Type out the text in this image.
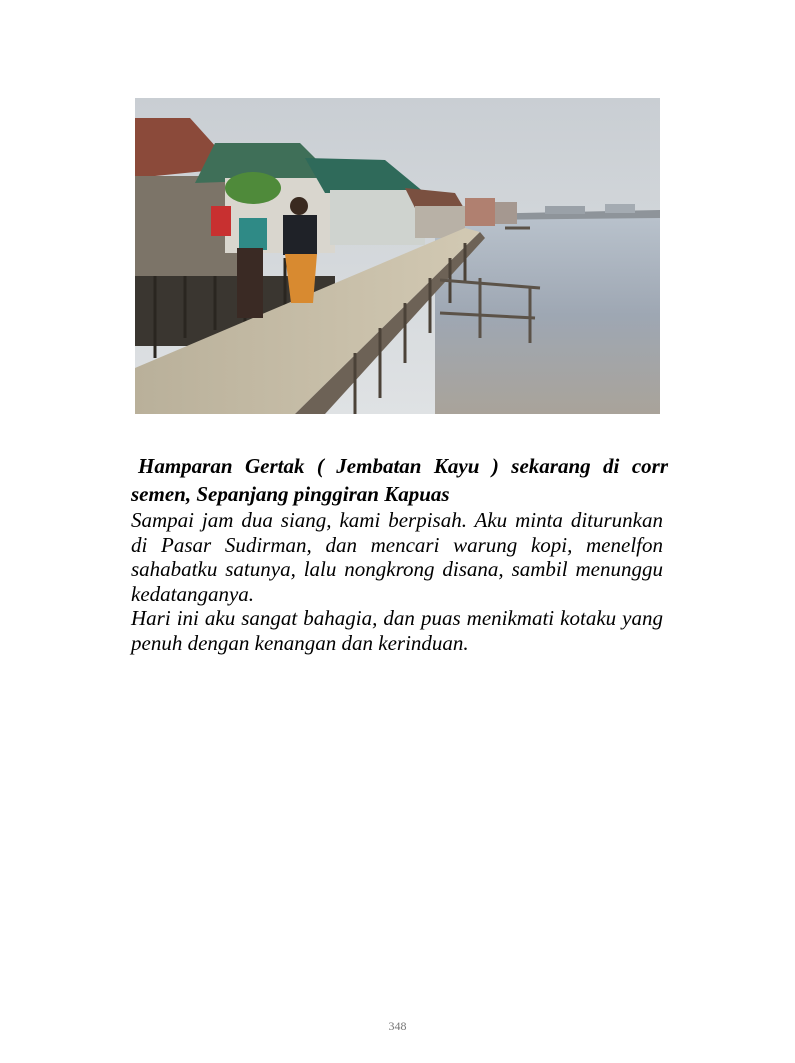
Hamparan Gertak ( Jembatan Kayu ) sekarang di corr
semen, Sepanjang pinggiran Kapuas

Sampai jam dua siang, kami berpisah. Aku minta diturunkan di Pasar Sudirman, dan mencari warung kopi, menelfon sahabatku satunya, lalu nongkrong disana, sambil menunggu kedatanganya.

Hari ini aku sangat bahagia, dan puas menikmati kotaku yang penuh dengan kenangan dan kerinduan.

348
